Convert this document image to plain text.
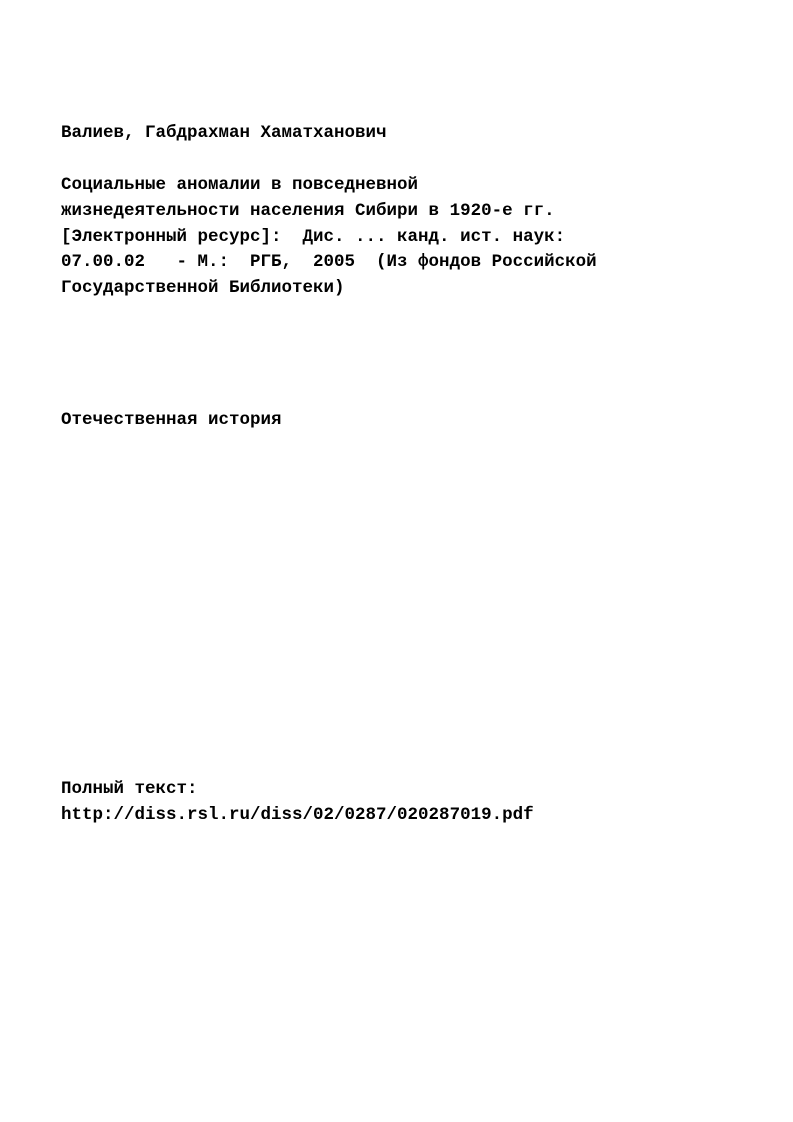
Валиев, Габдрахман Хаматханович
Социальные аномалии в повседневной
жизнедеятельности населения Сибири в 1920-е гг.
[Электронный ресурс]:  Дис. ... канд. ист. наук:
07.00.02   - М.:  РГБ,  2005  (Из фондов Российской
Государственной Библиотеки)
Отечественная история
Полный текст:
http://diss.rsl.ru/diss/02/0287/020287019.pdf
